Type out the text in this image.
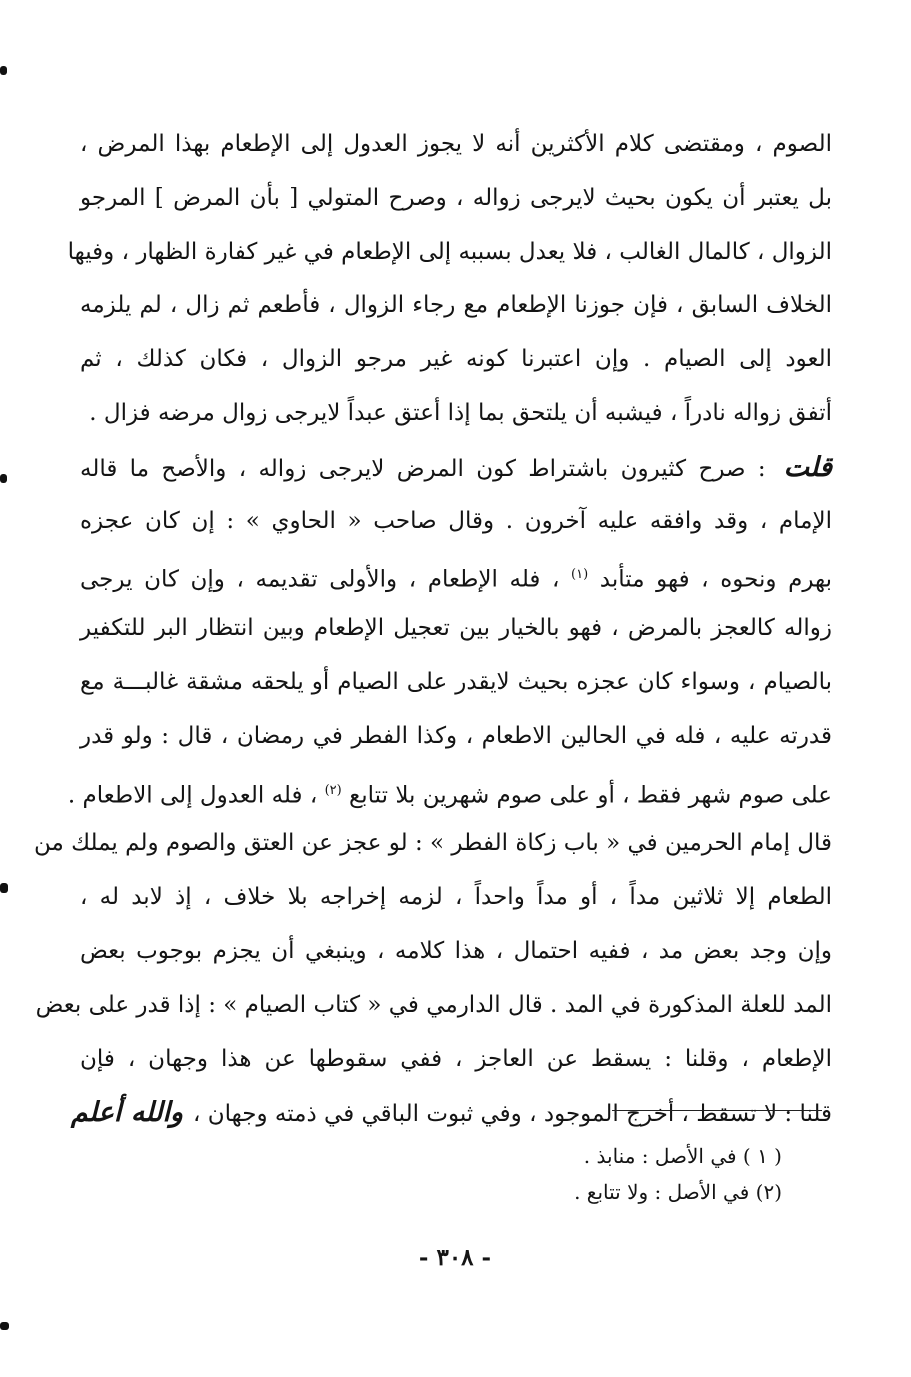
الصوم ، ومقتضى كلام الأكثرين أنه لا يجوز العدول إلى الإطعام بهذا المرض ،
بل يعتبر أن يكون بحيث لايرجى زواله ، وصرح المتولي [ بأن المرض ] المرجو
الزوال ، كالمال الغالب ، فلا يعدل بسببه إلى الإطعام في غير كفارة الظهار ، وفيها
الخلاف السابق ، فإن جوزنا الإطعام مع رجاء الزوال ، فأطعم ثم زال ، لم يلزمه
العود إلى الصيام . وإن اعتبرنا كونه غير مرجو الزوال ، فكان كذلك ، ثم
أتفق زواله نادراً ، فيشبه أن يلتحق بما إذا أعتق عبداً لايرجى زوال مرضه فزال .
قلت: صرح كثيرون باشتراط كون المرض لايرجى زواله ، والأصح ما قاله
الإمام ، وقد وافقه عليه آخرون . وقال صاحب « الحاوي » : إن كان عجزه
بهرم ونحوه ، فهو متأبد $^{(١)}$ ، فله الإطعام ، والأولى تقديمه ، وإن كان يرجى
زواله كالعجز بالمرض ، فهو بالخيار بين تعجيل الإطعام وبين انتظار البر للتكفير
بالصيام ، وسواء كان عجزه بحيث لايقدر على الصيام أو يلحقه مشقة غالبـــة مع
قدرته عليه ، فله في الحالين الاطعام ، وكذا الفطر في رمضان ، قال : ولو قدر
على صوم شهر فقط ، أو على صوم شهرين بلا تتابع $^{(٢)}$ ، فله العدول إلى الاطعام .
قال إمام الحرمين في « باب زكاة الفطر » : لو عجز عن العتق والصوم ولم يملك من
الطعام إلا ثلاثين مداً ، أو مداً واحداً ، لزمه إخراجه بلا خلاف ، إذ لابد له ،
وإن وجد بعض مد ، ففيه احتمال ، هذا كلامه ، وينبغي أن يجزم بوجوب بعض
المد للعلة المذكورة في المد . قال الدارمي في « كتاب الصيام » : إذا قدر على بعض
الإطعام ، وقلنا : يسقط عن العاجز ، ففي سقوطها عن هذا وجهان ، فإن
قلنا : لا تسقط ، أخرج الموجود ، وفي ثبوت الباقي في ذمته وجهان ،والله أعلم
( ١ ) في الأصل : منابذ .
(٢) في الأصل : ولا تتابع .
- ٣٠٨ -
